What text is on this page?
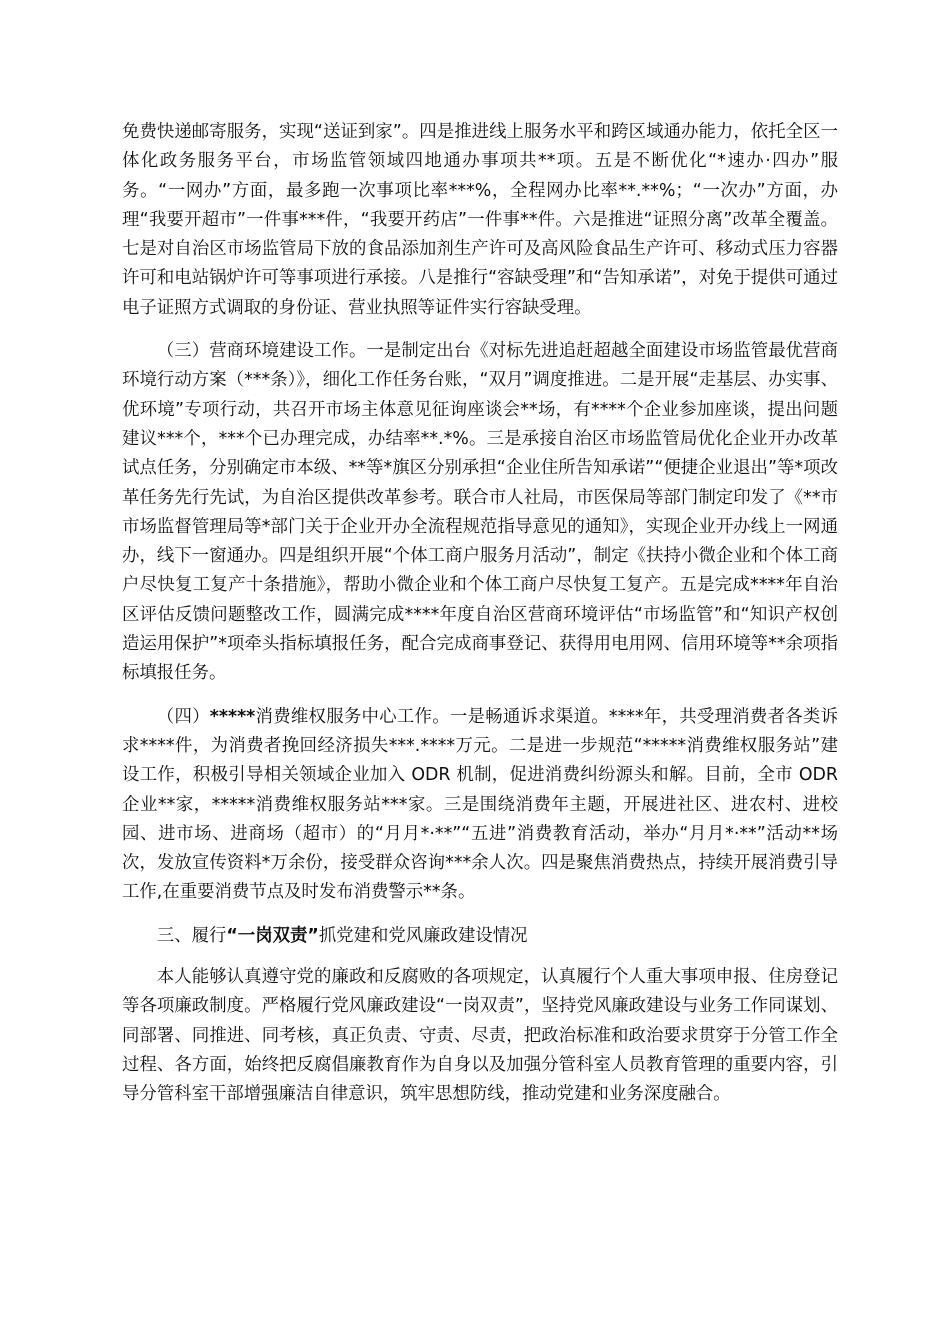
免费快递邮寄服务，实现“送证到家”。四是推进线上服务水平和跨区域通办能力，依托全区一体化政务服务平台，市场监管领域四地通办事项共**项。五是不断优化“*速办·四办”服务。“一网办”方面，最多跑一次事项比率***%，全程网办比率**.**%；“一次办”方面，办理“我要开超市”一件事***件，“我要开药店”一件事**件。六是推进“证照分离”改革全覆盖。七是对自治区市场监管局下放的食品添加剂生产许可及高风险食品生产许可、移动式压力容器许可和电站锅炉许可等事项进行承接。八是推行“容缺受理”和“告知承诺”，对免于提供可通过电子证照方式调取的身份证、营业执照等证件实行容缺受理。

（三）营商环境建设工作。一是制定出台《对标先进追赶超越全面建设市场监管最优营商环境行动方案（***条）》，细化工作任务台账，“双月”调度推进。二是开展“走基层、办实事、优环境”专项行动，共召开市场主体意见征询座谈会**场，有****个企业参加座谈，提出问题建议***个，***个已办理完成，办结率**.*%。三是承接自治区市场监管局优化企业开办改革试点任务，分别确定市本级、**等*旗区分别承担“企业住所告知承诺”“便捷企业退出”等*项改革任务先行先试，为自治区提供改革参考。联合市人社局，市医保局等部门制定印发了《**市市场监督管理局等*部门关于企业开办全流程规范指导意见的通知》，实现企业开办线上一网通办，线下一窗通办。四是组织开展“个体工商户服务月活动”，制定《扶持小微企业和个体工商户尽快复工复产十条措施》，帮助小微企业和个体工商户尽快复工复产。五是完成****年自治区评估反馈问题整改工作，圆满完成****年度自治区营商环境评估“市场监管”和“知识产权创造运用保护”*项牵头指标填报任务，配合完成商事登记、获得用电用网、信用环境等**余项指标填报任务。

（四）*****消费维权服务中心工作。一是畅通诉求渠道。****年，共受理消费者各类诉求****件，为消费者挽回经济损失***.****万元。二是进一步规范“*****消费维权服务站”建设工作，积极引导相关领域企业加入 ODR 机制，促进消费纠纷源头和解。目前，全市 ODR 企业**家，*****消费维权服务站***家。三是围绕消费年主题，开展进社区、进农村、进校园、进市场、进商场（超市）的“月月*·**”“五进”消费教育活动，举办“月月*·**”活动**场次，发放宣传资料*万余份，接受群众咨询***余人次。四是聚焦消费热点，持续开展消费引导工作,在重要消费节点及时发布消费警示**条。

三、履行“一岗双责”抓党建和党风廉政建设情况

本人能够认真遵守党的廉政和反腐败的各项规定，认真履行个人重大事项申报、住房登记等各项廉政制度。严格履行党风廉政建设“一岗双责”，坚持党风廉政建设与业务工作同谋划、同部署、同推进、同考核，真正负责、守责、尽责，把政治标准和政治要求贯穿于分管工作全过程、各方面，始终把反腐倡廉教育作为自身以及加强分管科室人员教育管理的重要内容，引导分管科室干部增强廉洁自律意识，筑牢思想防线，推动党建和业务深度融合。
